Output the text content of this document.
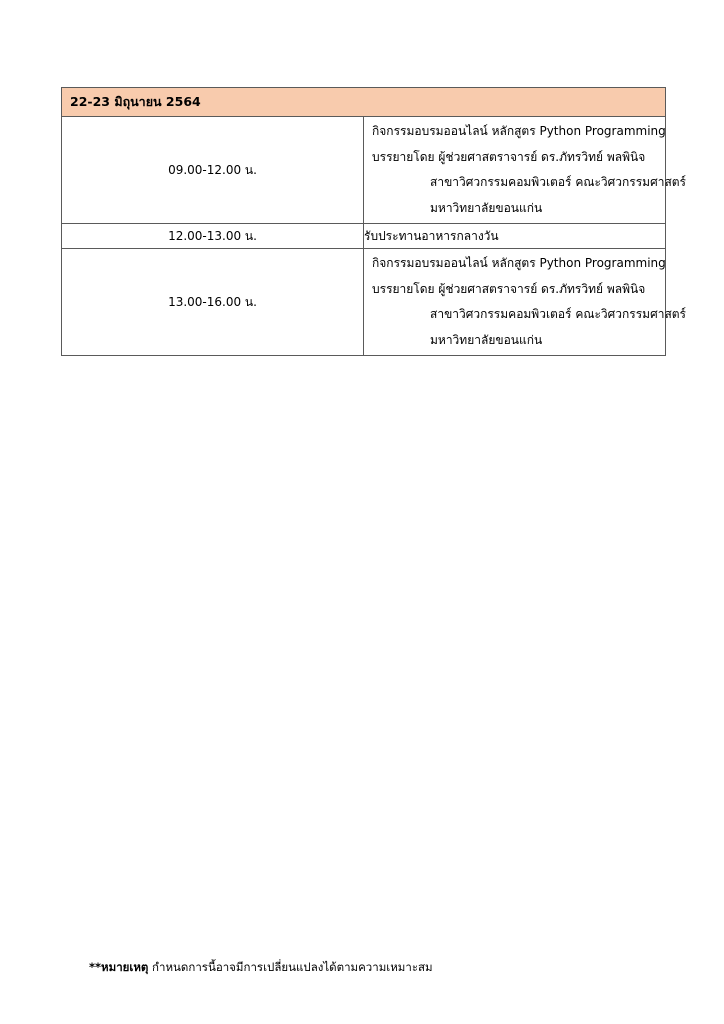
22-23 มิถุนายน 2564	
09.00-12.00 น.	กิจกรรมอบรมออนไลน์ หลักสูตร Python Programming
บรรยายโดย ผู้ช่วยศาสตราจารย์ ดร.ภัทรวิทย์ พลพินิจ
สาขาวิศวกรรมคอมพิวเตอร์ คณะวิศวกรรมศาสตร์
มหาวิทยาลัยขอนแก่น

12.00-13.00 น.	รับประทานอาหารกลางวัน
13.00-16.00 น.	กิจกรรมอบรมออนไลน์ หลักสูตร Python Programming
บรรยายโดย ผู้ช่วยศาสตราจารย์ ดร.ภัทรวิทย์ พลพินิจ
สาขาวิศวกรรมคอมพิวเตอร์ คณะวิศวกรรมศาสตร์
มหาวิทยาลัยขอนแก่น
**หมายเหตุ กำหนดการนี้อาจมีการเปลี่ยนแปลงได้ตามความเหมาะสม
